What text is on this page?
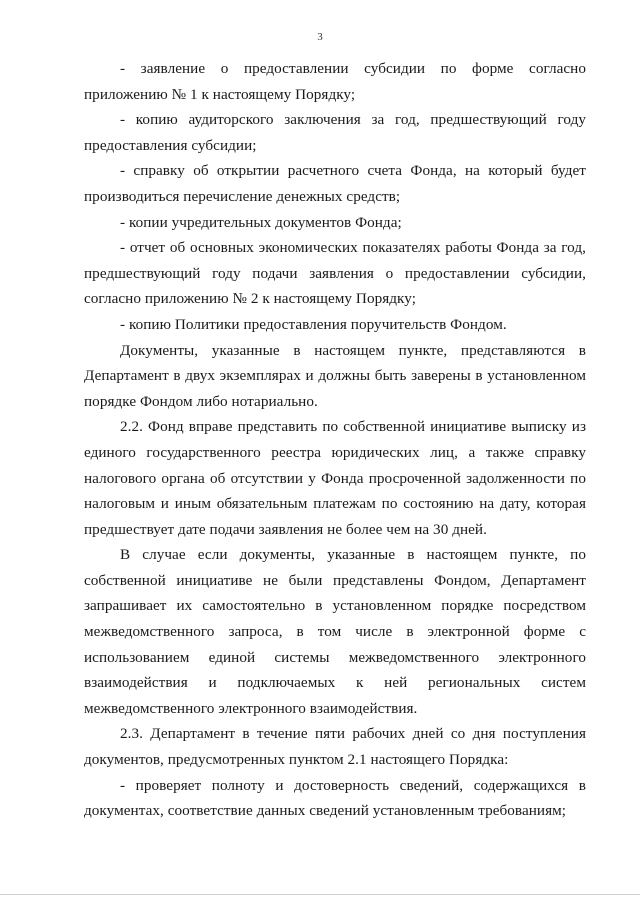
3

- заявление о предоставлении субсидии по форме согласно приложению № 1 к настоящему Порядку;

- копию аудиторского заключения за год, предшествующий году предоставления субсидии;

- справку об открытии расчетного счета Фонда, на который будет производиться перечисление денежных средств;

- копии учредительных документов Фонда;

- отчет об основных экономических показателях работы Фонда за год, предшествующий году подачи заявления о предоставлении субсидии, согласно приложению № 2 к настоящему Порядку;

- копию Политики предоставления поручительств Фондом.

Документы, указанные в настоящем пункте, представляются в Департамент в двух экземплярах и должны быть заверены в установленном порядке Фондом либо нотариально.

2.2. Фонд вправе представить по собственной инициативе выписку из единого государственного реестра юридических лиц, а также справку налогового органа об отсутствии у Фонда просроченной задолженности по налоговым и иным обязательным платежам по состоянию на дату, которая предшествует дате подачи заявления не более чем на 30 дней.

В случае если документы, указанные в настоящем пункте, по собственной инициативе не были представлены Фондом, Департамент запрашивает их самостоятельно в установленном порядке посредством межведомственного запроса, в том числе в электронной форме с использованием единой системы межведомственного электронного взаимодействия и подключаемых к ней региональных систем межведомственного электронного взаимодействия.

2.3. Департамент в течение пяти рабочих дней со дня поступления документов, предусмотренных пунктом 2.1 настоящего Порядка:

- проверяет полноту и достоверность сведений, содержащихся в документах, соответствие данных сведений установленным требованиям;
